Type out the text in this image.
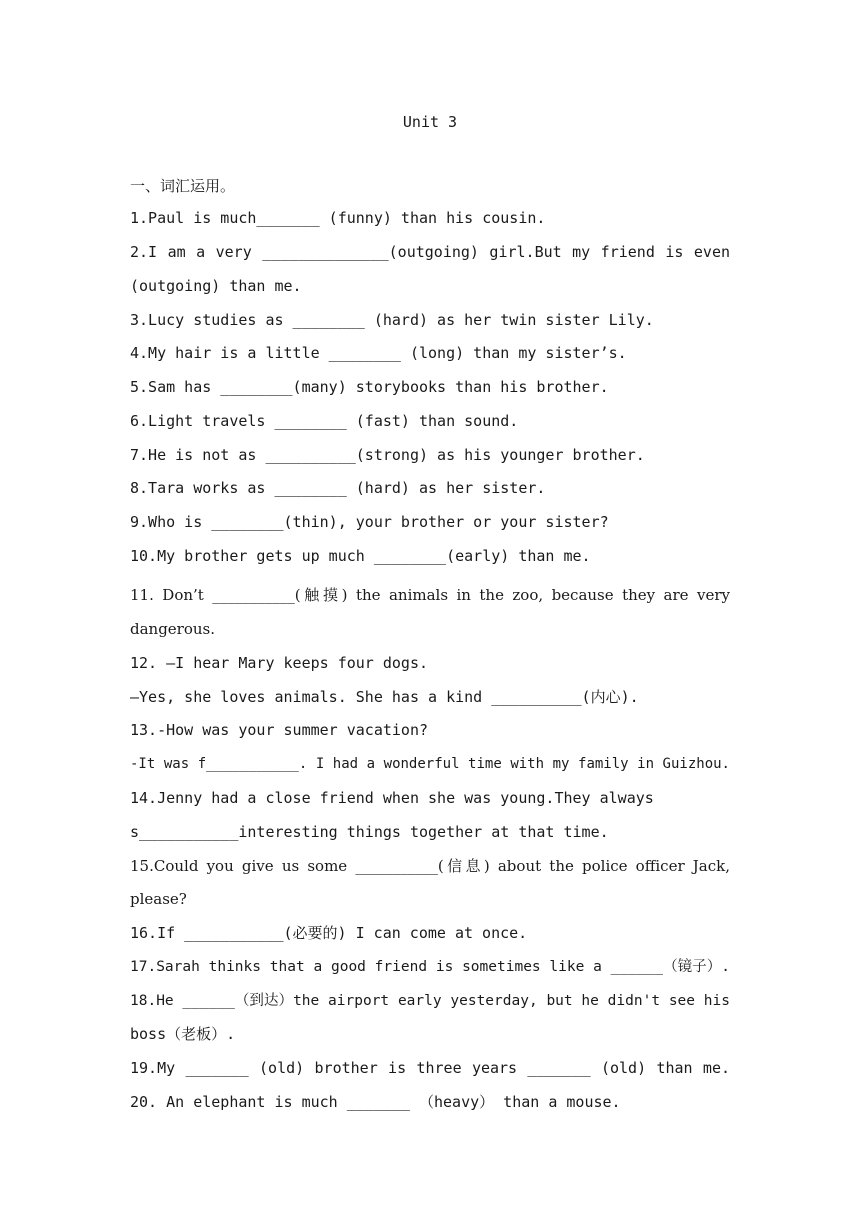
Unit 3
一、词汇运用。
1.Paul is much_______ (funny) than his cousin.
2.I am a very ______________(outgoing) girl.But my friend is even
(outgoing) than me.
3.Lucy studies as ________ (hard) as her twin sister Lily.
4.My hair is a little ________ (long) than my sister’s.
5.Sam has ________(many) storybooks than his brother.
6.Light travels ________ (fast) than sound.
7.He is not as __________(strong) as his younger brother.
8.Tara works as ________ (hard) as her sister.
9.Who is ________(thin), your brother or your sister?
10.My brother gets up much ________(early) than me.
11. Don’t ___________(触摸) the animals in the zoo, because they are very
dangerous.
12. —I hear Mary keeps four dogs.
—Yes, she loves animals. She has a kind __________(内心).
13.-How was your summer vacation?
-It was f___________. I had a wonderful time with my family in Guizhou.
14.Jenny had a close friend when she was young.They always
s___________interesting things together at that time.
15.Could you give us some ___________(信息) about the police officer Jack,
please?
16.If ___________(必要的) I can come at once.
17.Sarah thinks that a good friend is sometimes like a ______（镜子）.
18.He ______（到达）the airport early yesterday, but he didn't see his
boss（老板）.
19.My _______ (old) brother is three years _______ (old) than me.
20. An elephant is much _______ （heavy） than a mouse.
